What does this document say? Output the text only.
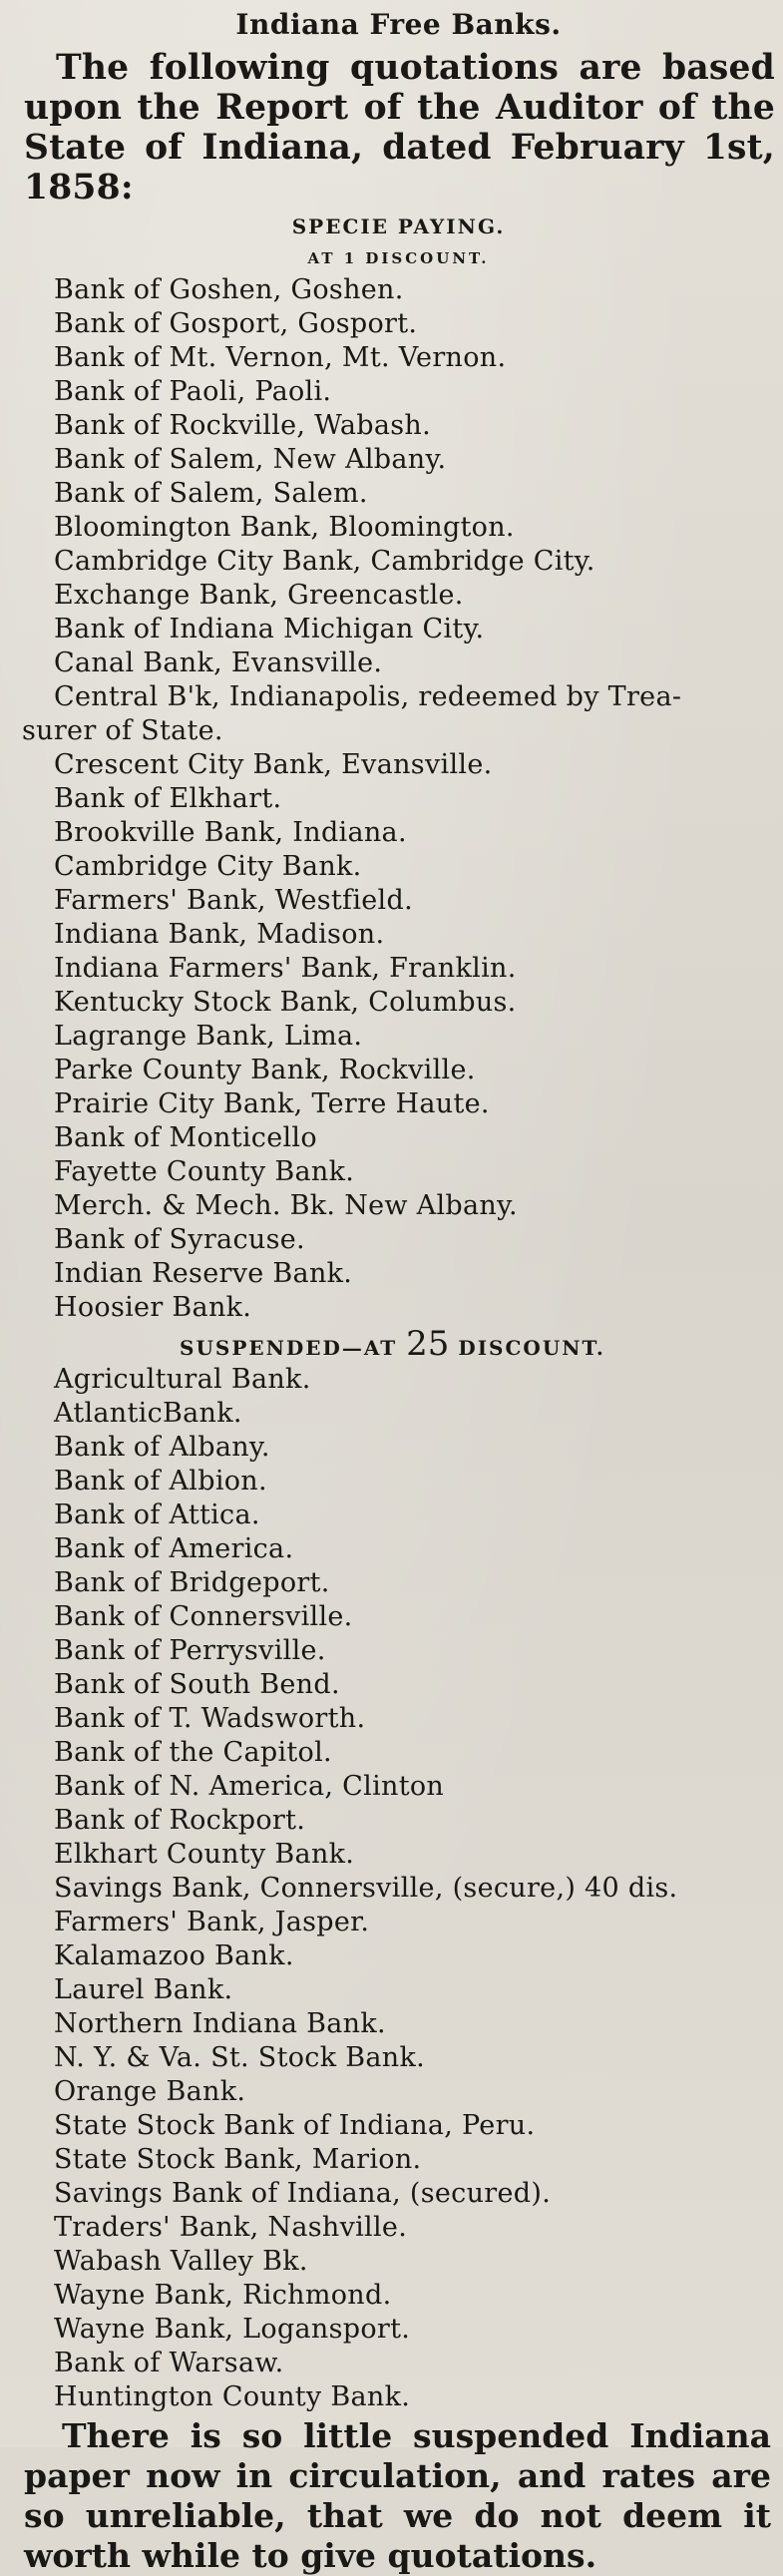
Indiana Free Banks.
The following quotations are based upon the Report of the Auditor of the State of Indiana, dated February 1st, 1858:
SPECIE PAYING.
AT 1 DISCOUNT.
Bank of Goshen, Goshen.
Bank of Gosport, Gosport.
Bank of Mt. Vernon, Mt. Vernon.
Bank of Paoli, Paoli.
Bank of Rockville, Wabash.
Bank of Salem, New Albany.
Bank of Salem, Salem.
Bloomington Bank, Bloomington.
Cambridge City Bank, Cambridge City.
Exchange Bank, Greencastle.
Bank of Indiana Michigan City.
Canal Bank, Evansville.
Central B'k, Indianapolis, redeemed by Trea-
surer of State.
Crescent City Bank, Evansville.
Bank of Elkhart.
Brookville Bank, Indiana.
Cambridge City Bank.
Farmers' Bank, Westfield.
Indiana Bank, Madison.
Indiana Farmers' Bank, Franklin.
Kentucky Stock Bank, Columbus.
Lagrange Bank, Lima.
Parke County Bank, Rockville.
Prairie City Bank, Terre Haute.
Bank of Monticello
Fayette County Bank.
Merch. & Mech. Bk. New Albany.
Bank of Syracuse.
Indian Reserve Bank.
Hoosier Bank.
SUSPENDED—AT 25 DISCOUNT.
Agricultural Bank.
AtlanticBank.
Bank of Albany.
Bank of Albion.
Bank of Attica.
Bank of America.
Bank of Bridgeport.
Bank of Connersville.
Bank of Perrysville.
Bank of South Bend.
Bank of T. Wadsworth.
Bank of the Capitol.
Bank of N. America, Clinton
Bank of Rockport.
Elkhart County Bank.
Savings Bank, Connersville, (secure,) 40 dis.
Farmers' Bank, Jasper.
Kalamazoo Bank.
Laurel Bank.
Northern Indiana Bank.
N. Y. & Va. St. Stock Bank.
Orange Bank.
State Stock Bank of Indiana, Peru.
State Stock Bank, Marion.
Savings Bank of Indiana, (secured).
Traders' Bank, Nashville.
Wabash Valley Bk.
Wayne Bank, Richmond.
Wayne Bank, Logansport.
Bank of Warsaw.
Huntington County Bank.
There is so little suspended Indiana paper now in circulation, and rates are so unreliable, that we do not deem it worth while to give quotations.
